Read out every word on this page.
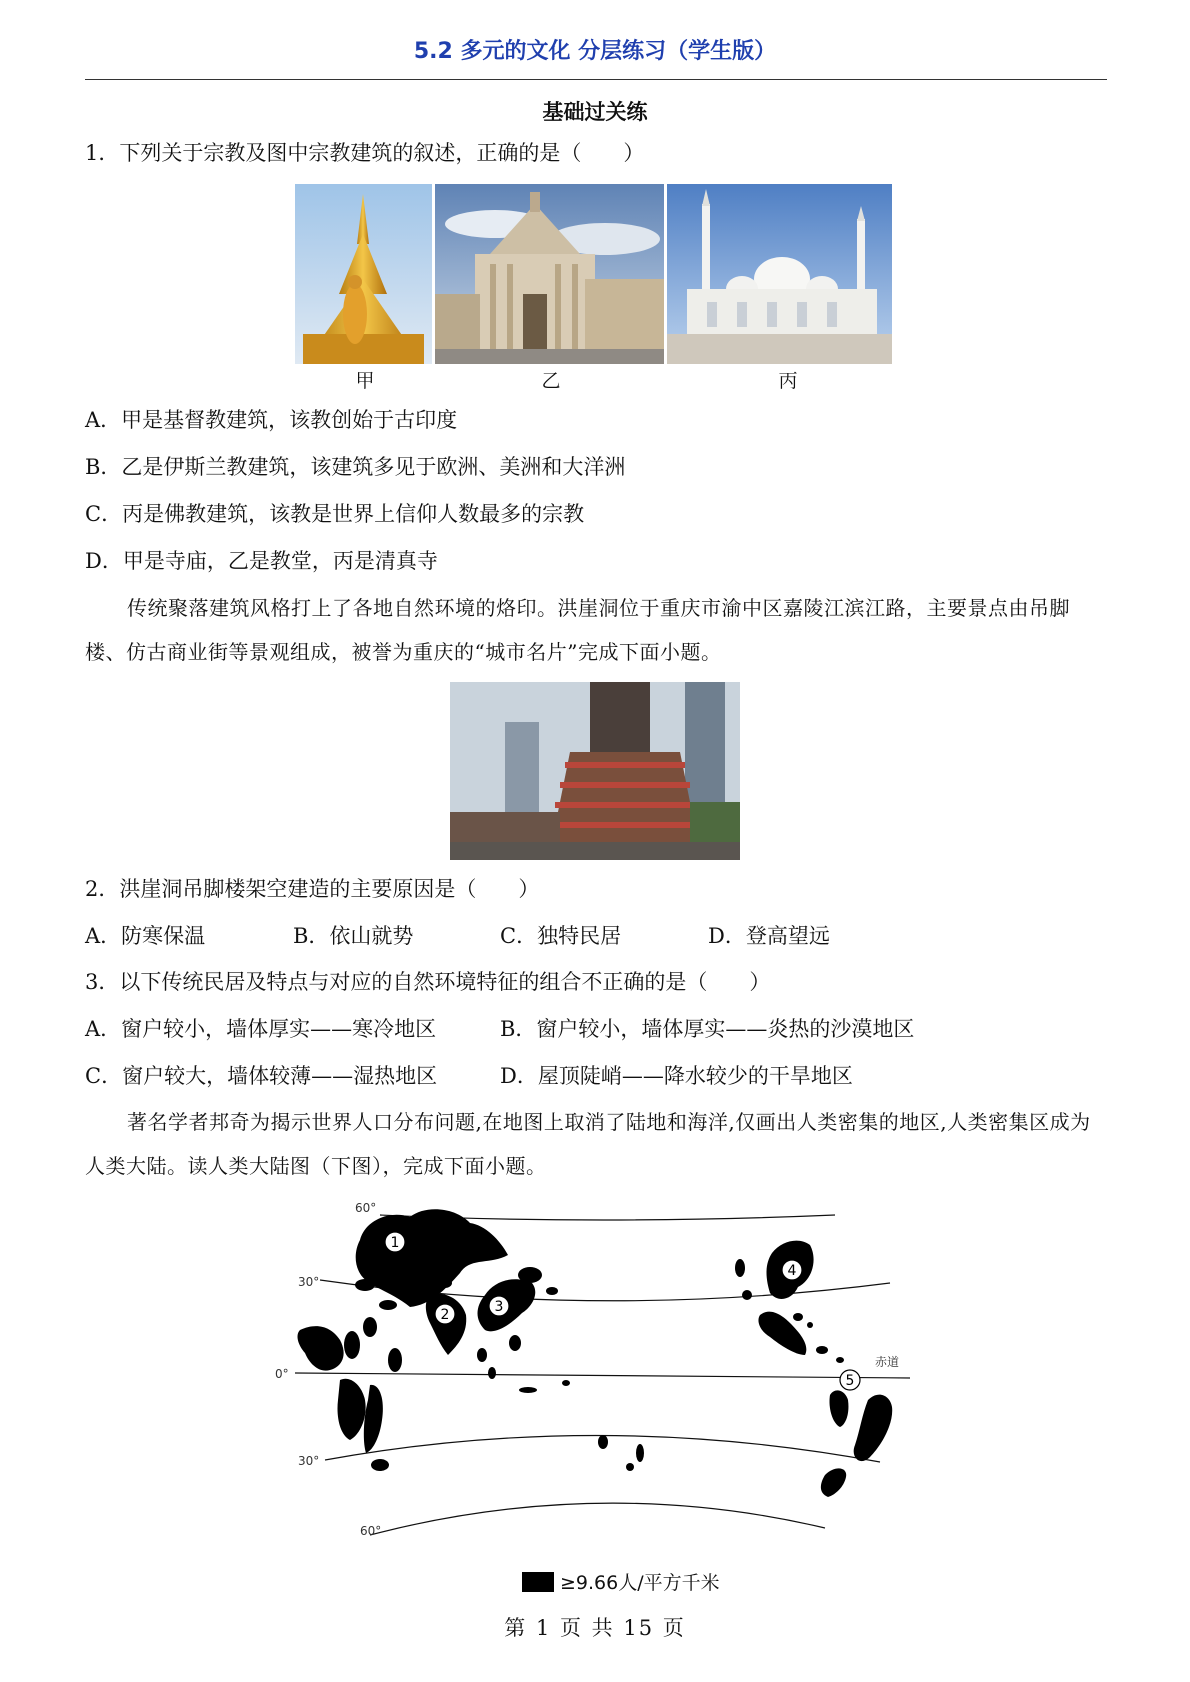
5.2 多元的文化 分层练习（学生版）
基础过关练
1．下列关于宗教及图中宗教建筑的叙述，正确的是（　　）
甲	乙	丙
A．甲是基督教建筑，该教创始于古印度
B．乙是伊斯兰教建筑，该建筑多见于欧洲、美洲和大洋洲
C．丙是佛教建筑，该教是世界上信仰人数最多的宗教
D．甲是寺庙，乙是教堂，丙是清真寺
传统聚落建筑风格打上了各地自然环境的烙印。洪崖洞位于重庆市渝中区嘉陵江滨江路，主要景点由吊脚楼、仿古商业街等景观组成，被誉为重庆的“城市名片”完成下面小题。
2．洪崖洞吊脚楼架空建造的主要原因是（　　）
A．防寒保温	B．依山就势	C．独特民居	D．登高望远
3．以下传统民居及特点与对应的自然环境特征的组合不正确的是（　　）
A．窗户较小，墙体厚实——寒冷地区	B．窗户较小，墙体厚实——炎热的沙漠地区
C．窗户较大，墙体较薄——湿热地区	D．屋顶陡峭——降水较少的干旱地区
著名学者邦奇为揭示世界人口分布问题,在地图上取消了陆地和海洋,仅画出人类密集的地区,人类密集区成为人类大陆。读人类大陆图（下图），完成下面小题。
60°
30°
0°
30°
60°
赤道
1
2	3
4
5
≥9.66人/平方千米
第 1 页 共 15 页
